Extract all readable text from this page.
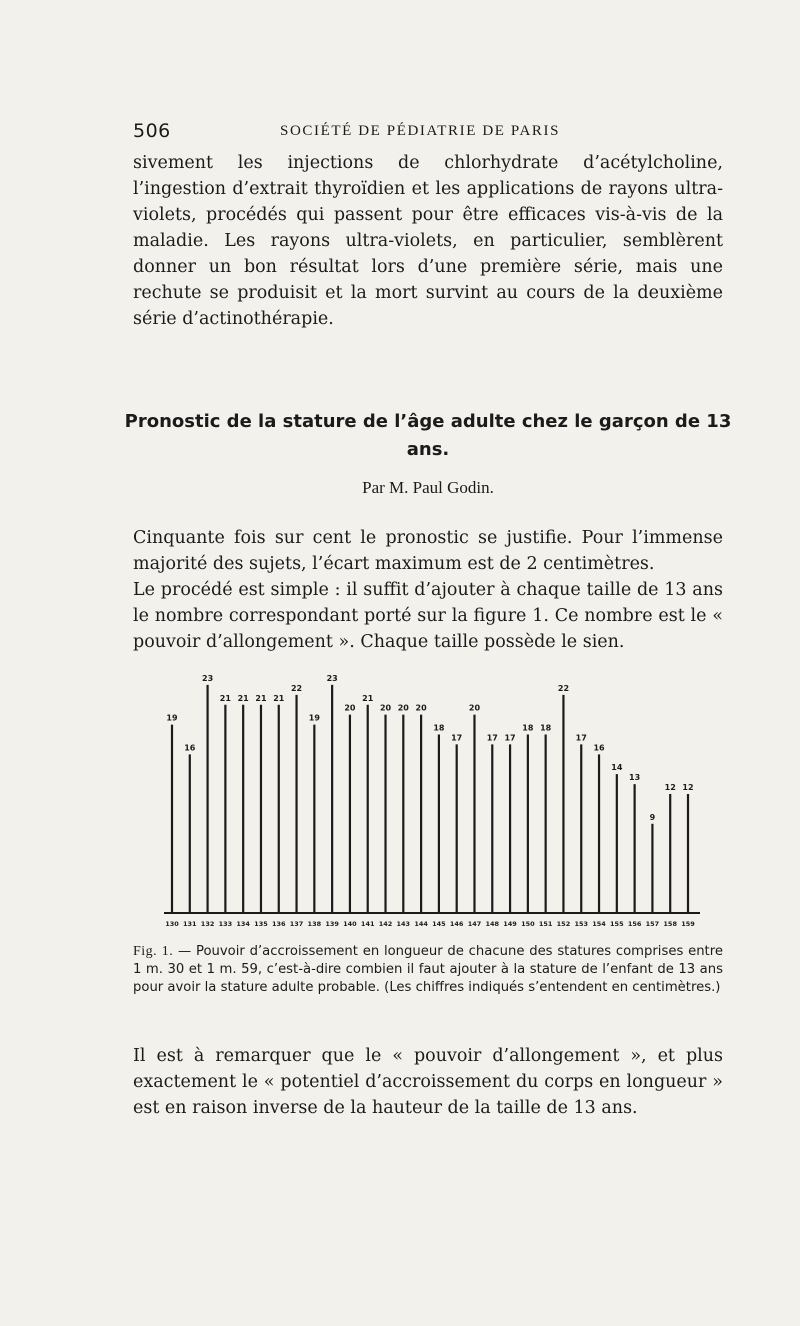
506	SOCIÉTÉ DE PÉDIATRIE DE PARIS

sivement les injections de chlorhydrate d’acétylcholine, l’ingestion d’extrait thyroïdien et les applications de rayons ultra-violets, procédés qui passent pour être efficaces vis-à-vis de la maladie. Les rayons ultra-violets, en particulier, semblèrent donner un bon résultat lors d’une première série, mais une rechute se produisit et la mort survint au cours de la deuxième série d’actinothérapie.

Pronostic de la stature de l’âge adulte chez le garçon de 13 ans.
Par M. Paul Godin.

Cinquante fois sur cent le pronostic se justifie. Pour l’immense majorité des sujets, l’écart maximum est de 2 centimètres.

Le procédé est simple : il suffit d’ajouter à chaque taille de 13 ans le nombre correspondant porté sur la figure 1. Ce nombre est le « pouvoir d’allongement ». Chaque taille possède le sien.

19
130
16
131
23
132
21
133
21
134
21
135
21
136
22
137
19
138
23
139
20
140
21
141
20
142
20
143
20
144
18
145
17
146
20
147
17
148
17
149
18
150
18
151
22
152
17
153
16
154
14
155
13
156
9
157
12
158
12
159

Fig. 1. — Pouvoir d’accroissement en longueur de chacune des statures comprises entre 1 m. 30 et 1 m. 59, c’est-à-dire combien il faut ajouter à la stature de l’enfant de 13 ans pour avoir la stature adulte probable. (Les chiffres indiqués s’entendent en centimètres.)

Il est à remarquer que le « pouvoir d’allongement », et plus exactement le « potentiel d’accroissement du corps en longueur » est en raison inverse de la hauteur de la taille de 13 ans.
